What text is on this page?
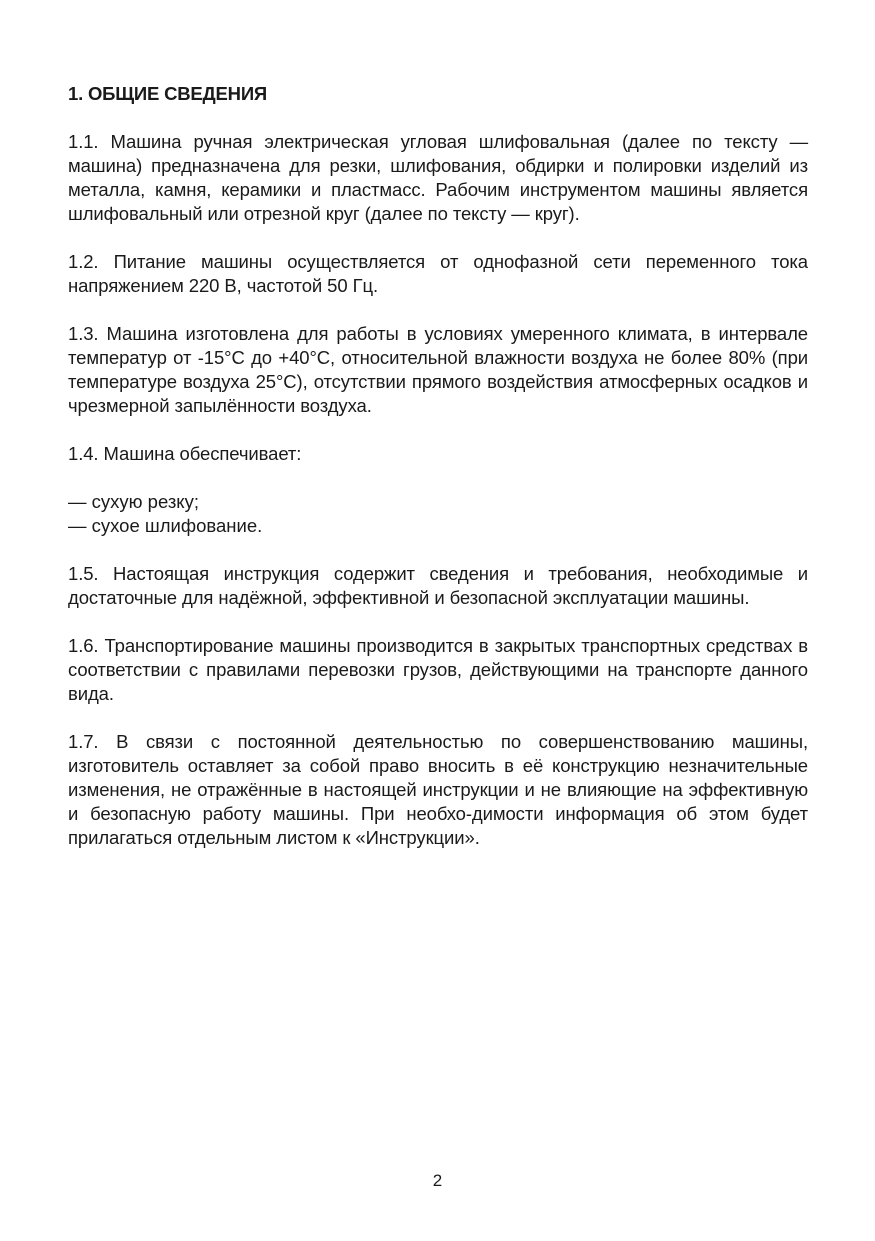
1. ОБЩИЕ СВЕДЕНИЯ

1.1. Машина ручная электрическая угловая шлифовальная (далее по тексту — машина) предназначена для резки, шлифования, обдирки и полировки изделий из металла, камня, керамики и пластмасс. Рабочим инструментом машины является шлифовальный или отрезной круг (далее по тексту — круг).

1.2. Питание машины осуществляется от однофазной сети переменного тока напряжением 220 В, частотой 50 Гц.

1.3. Машина изготовлена для работы в условиях умеренного климата, в интервале температур от -15°С до +40°С, относительной влажности воздуха не более 80% (при температуре воздуха 25°С), отсутствии прямого воздействия атмосферных осадков и чрезмерной запылённости воздуха.

1.4. Машина обеспечивает:

— сухую резку;
— сухое шлифование.

1.5. Настоящая инструкция содержит сведения и требования, необходимые и достаточные для надёжной, эффективной и безопасной эксплуатации машины.

1.6. Транспортирование машины производится в закрытых транспортных средствах в соответствии с правилами перевозки грузов, действующими на транспорте данного вида.

1.7. В связи с постоянной деятельностью по совершенствованию машины, изготовитель оставляет за собой право вносить в её конструкцию незначительные изменения, не отражённые в настоящей инструкции и не влияющие на эффективную и безопасную работу машины. При необхо-димости информация об этом будет прилагаться отдельным листом к «Инструкции».

2
